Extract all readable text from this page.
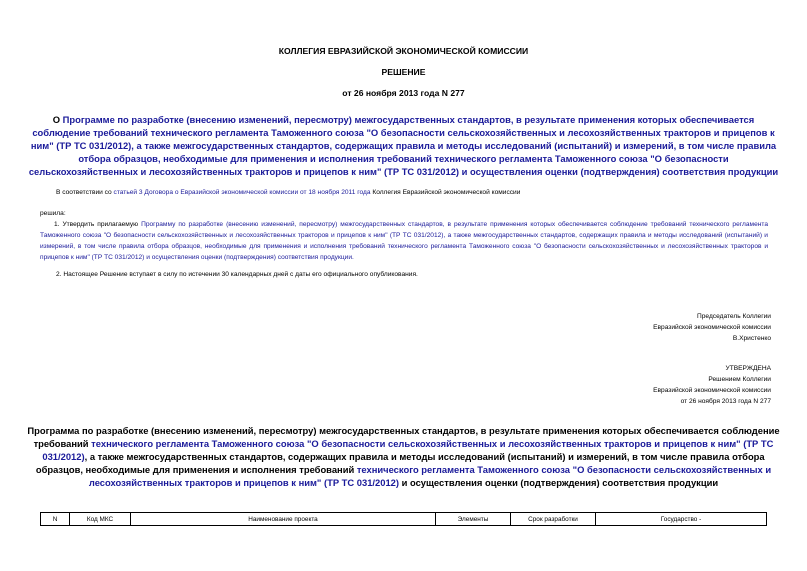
КОЛЛЕГИЯ ЕВРАЗИЙСКОЙ ЭКОНОМИЧЕСКОЙ КОМИССИИ
РЕШЕНИЕ
от 26 ноября 2013 года N 277
О Программе по разработке (внесению изменений, пересмотру) межгосударственных стандартов, в результате применения которых обеспечивается соблюдение требований технического регламента Таможенного союза "О безопасности сельскохозяйственных и лесохозяйственных тракторов и прицепов к ним" (ТР ТС 031/2012), а также межгосударственных стандартов, содержащих правила и методы исследований (испытаний) и измерений, в том числе правила отбора образцов, необходимые для применения и исполнения требований технического регламента Таможенного союза "О безопасности сельскохозяйственных и лесохозяйственных тракторов и прицепов к ним" (ТР ТС 031/2012) и осуществления оценки (подтверждения) соответствия продукции
В соответствии со статьей 3 Договора о Евразийской экономической комиссии от 18 ноября 2011 года Коллегия Евразийской экономической комиссии
решила:
1. Утвердить прилагаемую Программу по разработке (внесению изменений, пересмотру) межгосударственных стандартов, в результате применения которых обеспечивается соблюдение требований технического регламента Таможенного союза "О безопасности сельскохозяйственных и лесохозяйственных тракторов и прицепов к ним" (ТР ТС 031/2012), а также межгосударственных стандартов, содержащих правила и методы исследований (испытаний) и измерений, в том числе правила отбора образцов, необходимые для применения и исполнения требований технического регламента Таможенного союза "О безопасности сельскохозяйственных и лесохозяйственных тракторов и прицепов к ним" (ТР ТС 031/2012) и осуществления оценки (подтверждения) соответствия продукции.
2. Настоящее Решение вступает в силу по истечении 30 календарных дней с даты его официального опубликования.
Председатель Коллегии
Евразийской экономической комиссии
В.Христенко
УТВЕРЖДЕНА
Решением Коллегии
Евразийской экономической комиссии
от 26 ноября 2013 года N 277
Программа по разработке (внесению изменений, пересмотру) межгосударственных стандартов, в результате применения которых обеспечивается соблюдение требований технического регламента Таможенного союза "О безопасности сельскохозяйственных и лесохозяйственных тракторов и прицепов к ним" (ТР ТС 031/2012), а также межгосударственных стандартов, содержащих правила и методы исследований (испытаний) и измерений, в том числе правила отбора образцов, необходимые для применения и исполнения требований технического регламента Таможенного союза "О безопасности сельскохозяйственных и лесохозяйственных тракторов и прицепов к ним" (ТР ТС 031/2012) и осуществления оценки (подтверждения) соответствия продукции
N	Код МКС	Наименование проекта	Элементы	Срок разработки	Государство -
